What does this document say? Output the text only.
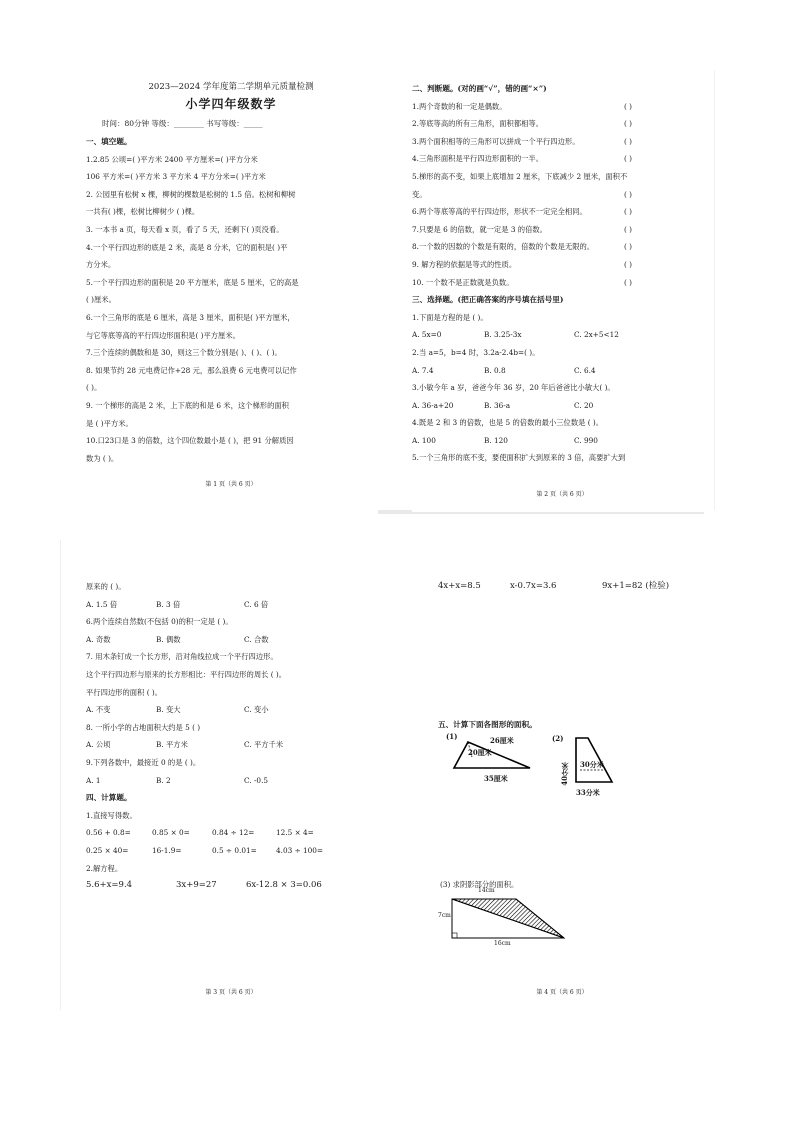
2023—2024 学年度第二学期单元质量检测
小学四年级数学
时间：80分钟 等级：________ 书写等级：_____
一、填空题。
1.2.85 公顷=( )平方米 2400 平方厘米=( )平方分米
106 平方米=( )平方米 3 平方米 4 平方分米=( )平方米
2. 公园里有松树 x 棵，柳树的棵数是松树的 1.5 倍。松树和柳树
一共有( )棵，松树比柳树少 ( )棵。
3. 一本书 a 页，每天看 x 页，看了 5 天，还剩下( )页没看。
4.一个平行四边形的底是 2 米，高是 8 分米，它的面积是( )平
方分米。
5.一个平行四边形的面积是 20 平方厘米，底是 5 厘米，它的高是
( )厘米。
6.一个三角形的底是 6 厘米，高是 3 厘米，面积是( )平方厘米，
与它等底等高的平行四边形面积是( )平方厘米。
7.三个连续的偶数和是 30，则这三个数分别是( )、( )、( )。
8. 如果节约 28 元电费记作+28 元，那么浪费 6 元电费可以记作
( )。
9. 一个梯形的高是 2 米，上下底的和是 6 米，这个梯形的面积
是 ( )平方米。
10.口23口是 3 的倍数，这个四位数最小是 ( )，把 91 分解质因
数为 ( )。
第 1 页（共 6 页）
二、判断题。(对的画“√”，错的画“×”)
1.两个奇数的和一定是偶数。	( )
2.等底等高的所有三角形，面积都相等。	( )
3.两个面积相等的三角形可以拼成一个平行四边形。	( )
4.三角形面积是平行四边形面积的一半。	( )
5.梯形的高不变，如果上底增加 2 厘米，下底减少 2 厘米，面积不
变。	( )
6.两个等底等高的平行四边形，形状不一定完全相同。	( )
7.只要是 6 的倍数，就一定是 3 的倍数。	( )
8.一个数的因数的个数是有限的，倍数的个数是无限的。	( )
9. 解方程的依据是等式的性质。	( )
10. 一个数不是正数就是负数。	( )
三、选择题。(把正确答案的序号填在括号里)
1.下面是方程的是 ( )。
A. 5x=0	B. 3.25-3x	C. 2x+5<12
2.当 a=5，b=4 时，3.2a-2.4b=( )。
A. 7.4	B. 0.8	C. 6.4
3.小敏今年 a 岁，爸爸今年 36 岁，20 年后爸爸比小敏大( )。
A. 36-a+20	B. 36-a	C. 20
4.既是 2 和 3 的倍数，也是 5 的倍数的最小三位数是 ( )。
A. 100	B. 120	C. 990
5.一个三角形的底不变，要使面积扩大到原来的 3 倍，高要扩大到
第 2 页（共 6 页）
原来的 ( )。
A. 1.5 倍	B. 3 倍	C. 6 倍
6.两个连续自然数(不包括 0)的积一定是 ( )。
A. 奇数	B. 偶数	C. 合数
7. 用木条钉成一个长方形，沿对角线拉成一个平行四边形。
这个平行四边形与原来的长方形相比：平行四边形的周长 ( )。
平行四边形的面积 ( )。
A. 不变	B. 变大	C. 变小
8. 一所小学的占地面积大约是 5 ( )
A. 公顷	B. 平方米	C. 平方千米
9.下列各数中，最接近 0 的是 ( )。
A. 1	B. 2	C. -0.5
四、计算题。
1.直接写得数。
0.56 + 0.8=	0.85 × 0=	0.84 ÷ 12=	12.5 × 4=
0.25 × 40=	16-1.9=	0.5 ÷ 0.01=	4.03 ÷ 100=
2.解方程。
5.6+x=9.4	3x+9=27	6x-12.8 × 3=0.06
第 3 页（共 6 页）
4x+x=8.5	x-0.7x=3.6	9x+1=82 (检验)
五、计算下面各图形的面积。
(1)	26厘米
20厘米
35厘米
(2)
40分米 30分米
33分米
(3) 求阴影部分的面积。
14cm
7cm
16cm
第 4 页（共 6 页）
